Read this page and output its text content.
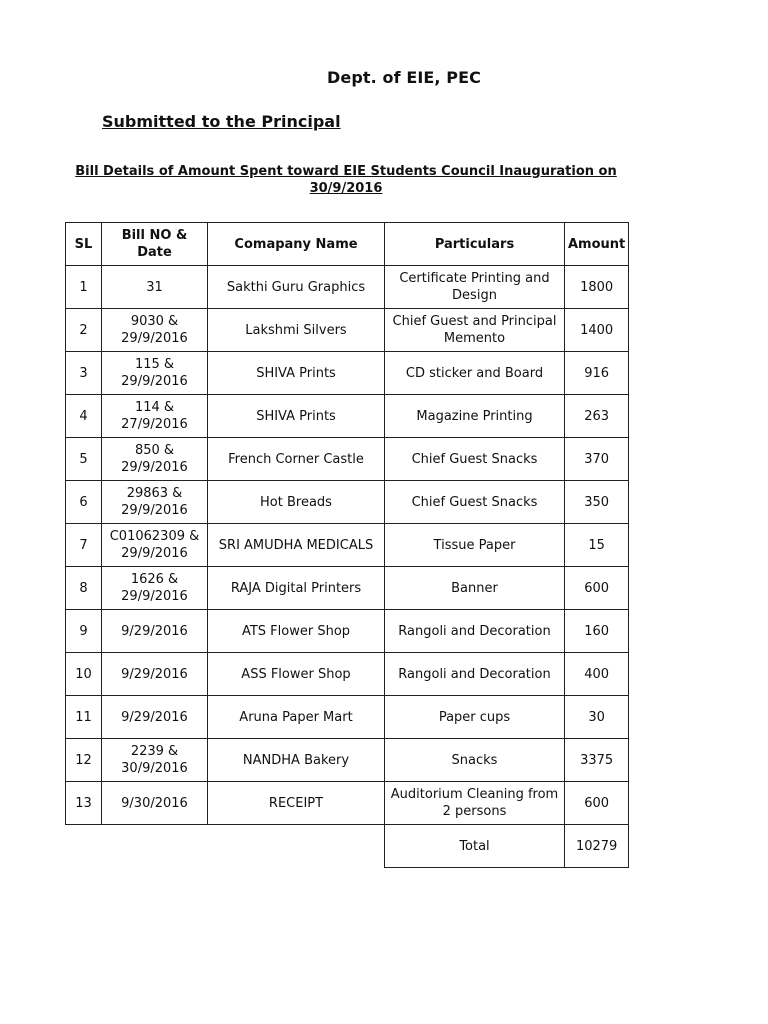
Dept. of EIE, PEC
Submitted to the Principal
Bill Details of Amount Spent toward EIE Students Council Inauguration on 30/9/2016
SL	Bill NO & Date	Comapany Name	Particulars	Amount
1	31	Sakthi Guru Graphics	Certificate Printing and Design	1800
2	9030 & 29/9/2016	Lakshmi Silvers	Chief Guest and Principal Memento	1400
3	115 & 29/9/2016	SHIVA Prints	CD sticker and Board	916
4	114 & 27/9/2016	SHIVA Prints	Magazine Printing	263
5	850 & 29/9/2016	French Corner Castle	Chief Guest Snacks	370
6	29863 & 29/9/2016	Hot Breads	Chief Guest Snacks	350
7	C01062309 & 29/9/2016	SRI AMUDHA MEDICALS	Tissue Paper	15
8	1626 & 29/9/2016	RAJA Digital Printers	Banner	600
9	9/29/2016	ATS Flower Shop	Rangoli and Decoration	160
10	9/29/2016	ASS Flower Shop	Rangoli and Decoration	400
11	9/29/2016	Aruna Paper Mart	Paper cups	30
12	2239 & 30/9/2016	NANDHA Bakery	Snacks	3375
13	9/30/2016	RECEIPT	Auditorium Cleaning from 2 persons	600
			Total	10279
